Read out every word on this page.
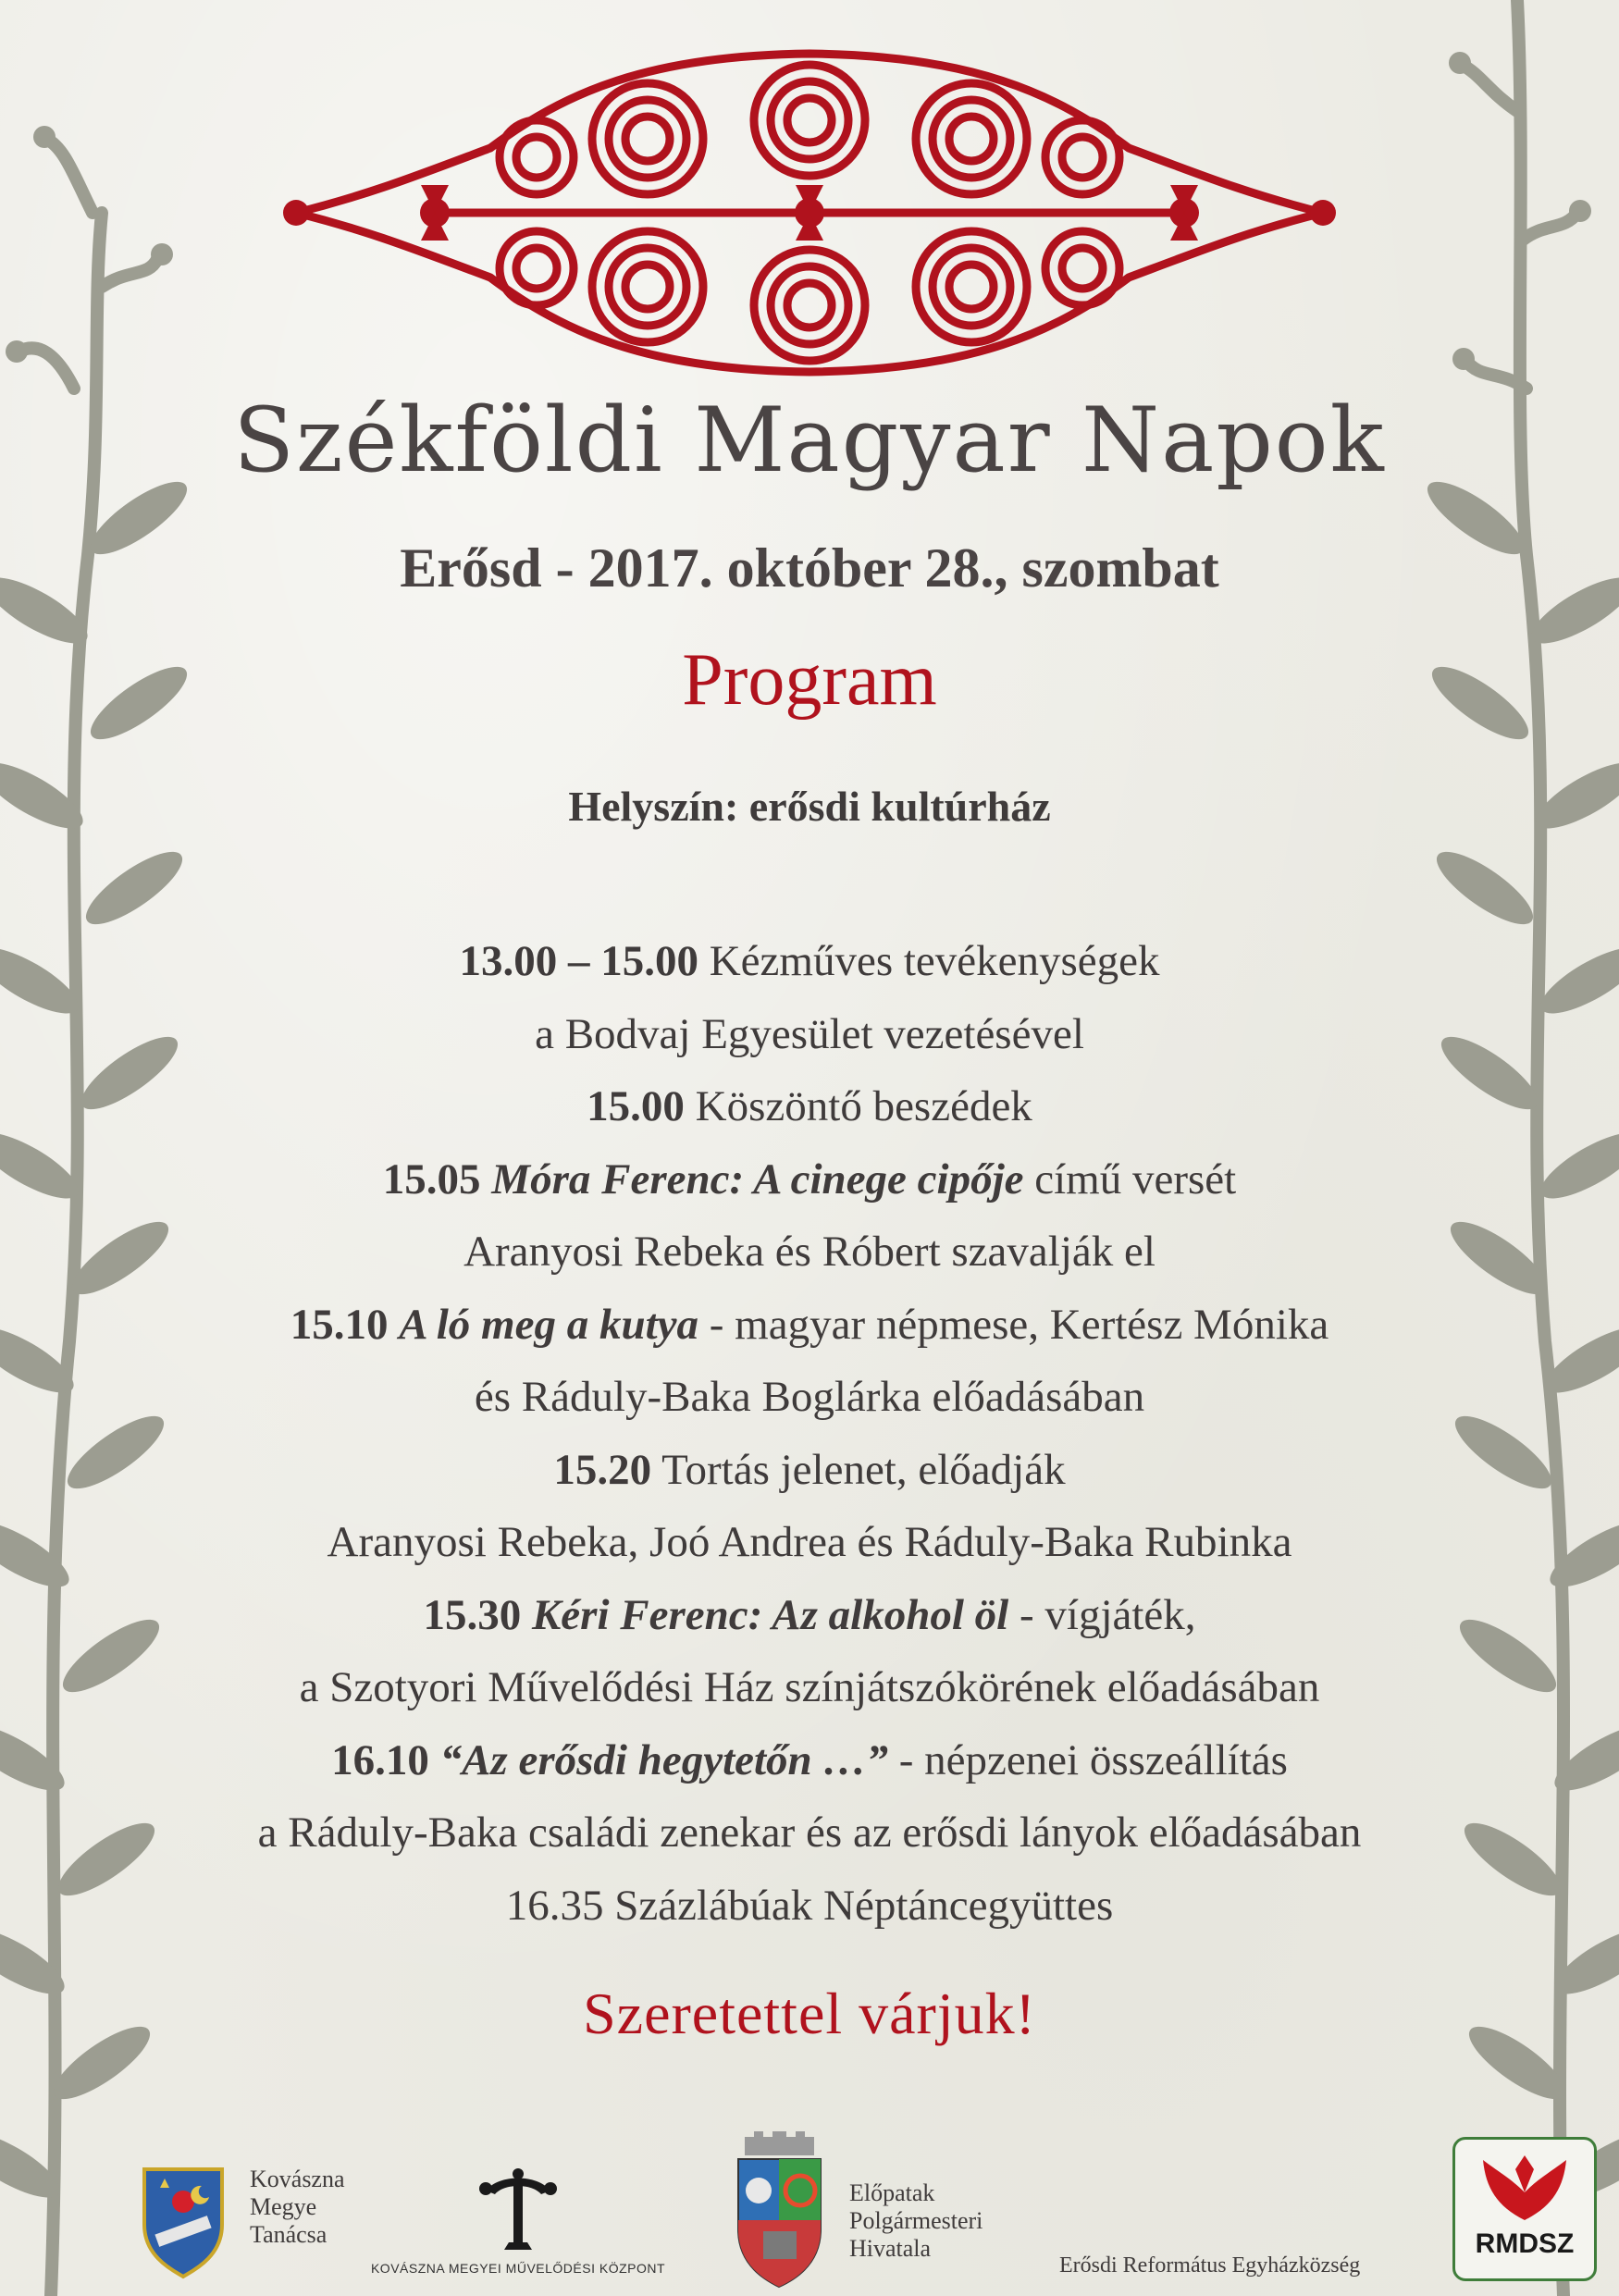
Székföldi Magyar Napok
Erősd - 2017. október 28., szombat
Program
Helyszín: erősdi kultúrház
13.00 – 15.00 Kézműves tevékenységek
a Bodvaj Egyesület vezetésével
15.00 Köszöntő beszédek
15.05 Móra Ferenc: A cinege cipője című versét
Aranyosi Rebeka és Róbert szavalják el
15.10 A ló meg a kutya - magyar népmese, Kertész Mónika
és Ráduly-Baka Boglárka előadásában
15.20 Tortás jelenet, előadják
Aranyosi Rebeka, Joó Andrea és Ráduly-Baka Rubinka
15.30 Kéri Ferenc: Az alkohol öl - vígjáték,
a Szotyori Művelődési Ház színjátszókörének előadásában
16.10 “Az erősdi hegytetőn …” - népzenei összeállítás
a Ráduly-Baka családi zenekar és az erősdi lányok előadásában
16.35 Százlábúak Néptáncegyüttes
Szeretettel várjuk!
Kovászna
Megye
Tanácsa
KOVÁSZNA MEGYEI MŰVELŐDÉSI KÖZPONT
Előpatak
Polgármesteri
Hivatala
Erősdi Református Egyházközség
RMDSZ
